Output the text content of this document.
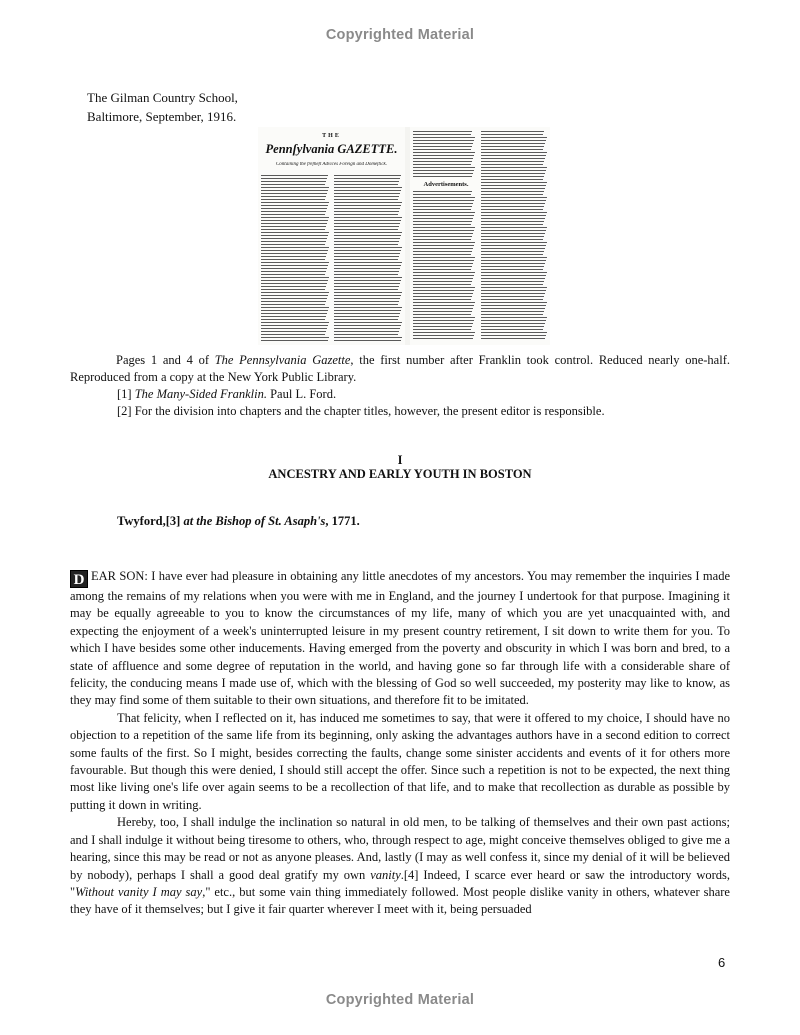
Copyrighted Material
The Gilman Country School,
Baltimore, September, 1916.
THE
Pennſylvania GAZETTE.
Containing the freſheſt Advices Foreign and Domeſtick.
Advertisements.
Pages 1 and 4 of The Pennsylvania Gazette, the first number after Franklin took control. Reduced nearly one-half. Reproduced from a copy at the New York Public Library.
[1] The Many-Sided Franklin. Paul L. Ford.
[2] For the division into chapters and the chapter titles, however, the present editor is responsible.
I
ANCESTRY AND EARLY YOUTH IN BOSTON
Twyford,[3] at the Bishop of St. Asaph's, 1771.

D EAR SON: I have ever had pleasure in obtaining any little anecdotes of my ancestors. You may remember the inquiries I made among the remains of my relations when you were with me in England, and the journey I undertook for that purpose. Imagining it may be equally agreeable to you to know the circumstances of my life, many of which you are yet unacquainted with, and expecting the enjoyment of a week's uninterrupted leisure in my present country retirement, I sit down to write them for you. To which I have besides some other inducements. Having emerged from the poverty and obscurity in which I was born and bred, to a state of affluence and some degree of reputation in the world, and having gone so far through life with a considerable share of felicity, the conducing means I made use of, which with the blessing of God so well succeeded, my posterity may like to know, as they may find some of them suitable to their own situations, and therefore fit to be imitated.

That felicity, when I reflected on it, has induced me sometimes to say, that were it offered to my choice, I should have no objection to a repetition of the same life from its beginning, only asking the advantages authors have in a second edition to correct some faults of the first. So I might, besides correcting the faults, change some sinister accidents and events of it for others more favourable. But though this were denied, I should still accept the offer. Since such a repetition is not to be expected, the next thing most like living one's life over again seems to be a recollection of that life, and to make that recollection as durable as possible by putting it down in writing.

Hereby, too, I shall indulge the inclination so natural in old men, to be talking of themselves and their own past actions; and I shall indulge it without being tiresome to others, who, through respect to age, might conceive themselves obliged to give me a hearing, since this may be read or not as anyone pleases. And, lastly (I may as well confess it, since my denial of it will be believed by nobody), perhaps I shall a good deal gratify my own vanity.[4] Indeed, I scarce ever heard or saw the introductory words, "Without vanity I may say," etc., but some vain thing immediately followed. Most people dislike vanity in others, whatever share they have of it themselves; but I give it fair quarter wherever I meet with it, being persuaded

6
Copyrighted Material
